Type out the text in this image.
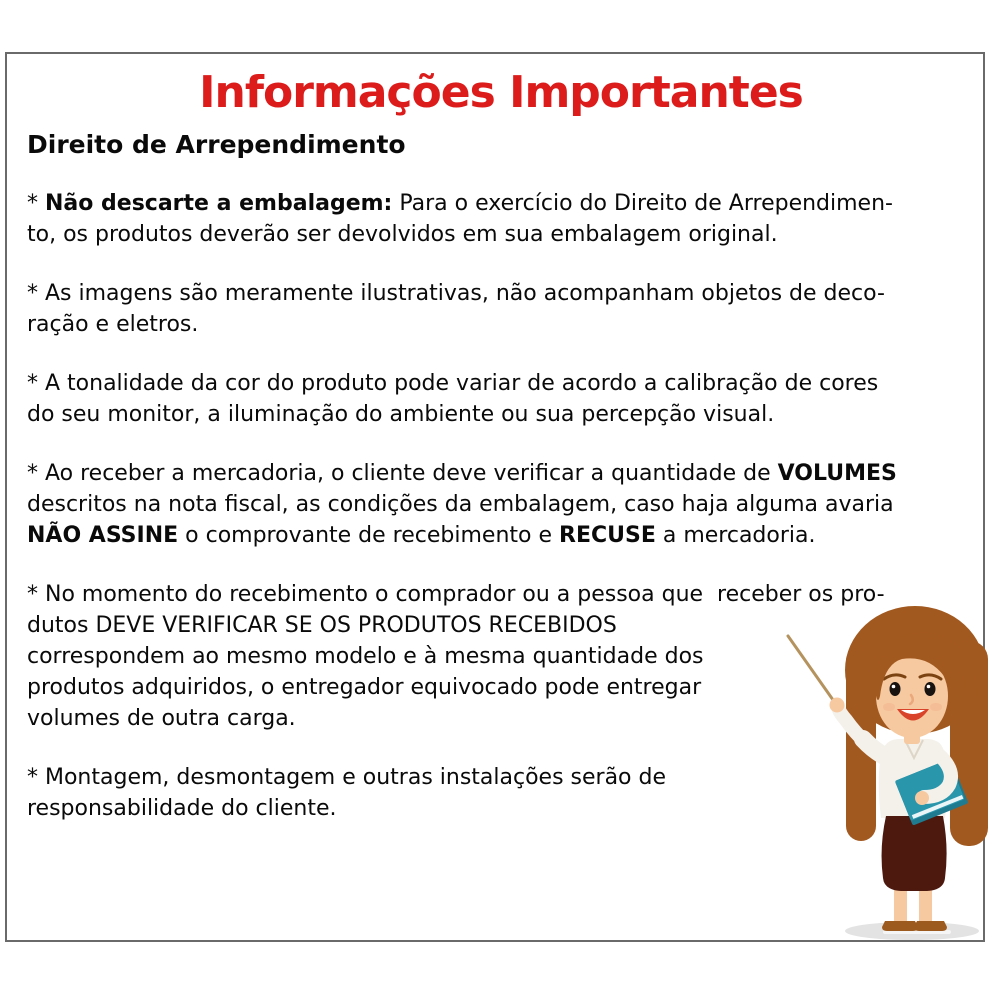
Informações Importantes
Direito de Arrependimento

* Não descarte a embalagem: Para o exercício do Direito de Arrependimen-
to, os produtos deverão ser devolvidos em sua embalagem original.

* As imagens são meramente ilustrativas, não acompanham objetos de deco-
ração e eletros.

* A tonalidade da cor do produto pode variar de acordo a calibração de cores
do seu monitor, a iluminação do ambiente ou sua percepção visual.

* Ao receber a mercadoria, o cliente deve verificar a quantidade de VOLUMES
descritos na nota fiscal, as condições da embalagem, caso haja alguma avaria
NÃO ASSINE o comprovante de recebimento e RECUSE a mercadoria.

* No momento do recebimento o comprador ou a pessoa que  receber os pro-
dutos DEVE VERIFICAR SE OS PRODUTOS RECEBIDOS
correspondem ao mesmo modelo e à mesma quantidade dos
produtos adquiridos, o entregador equivocado pode entregar
volumes de outra carga.

* Montagem, desmontagem e outras instalações serão de
responsabilidade do cliente.
